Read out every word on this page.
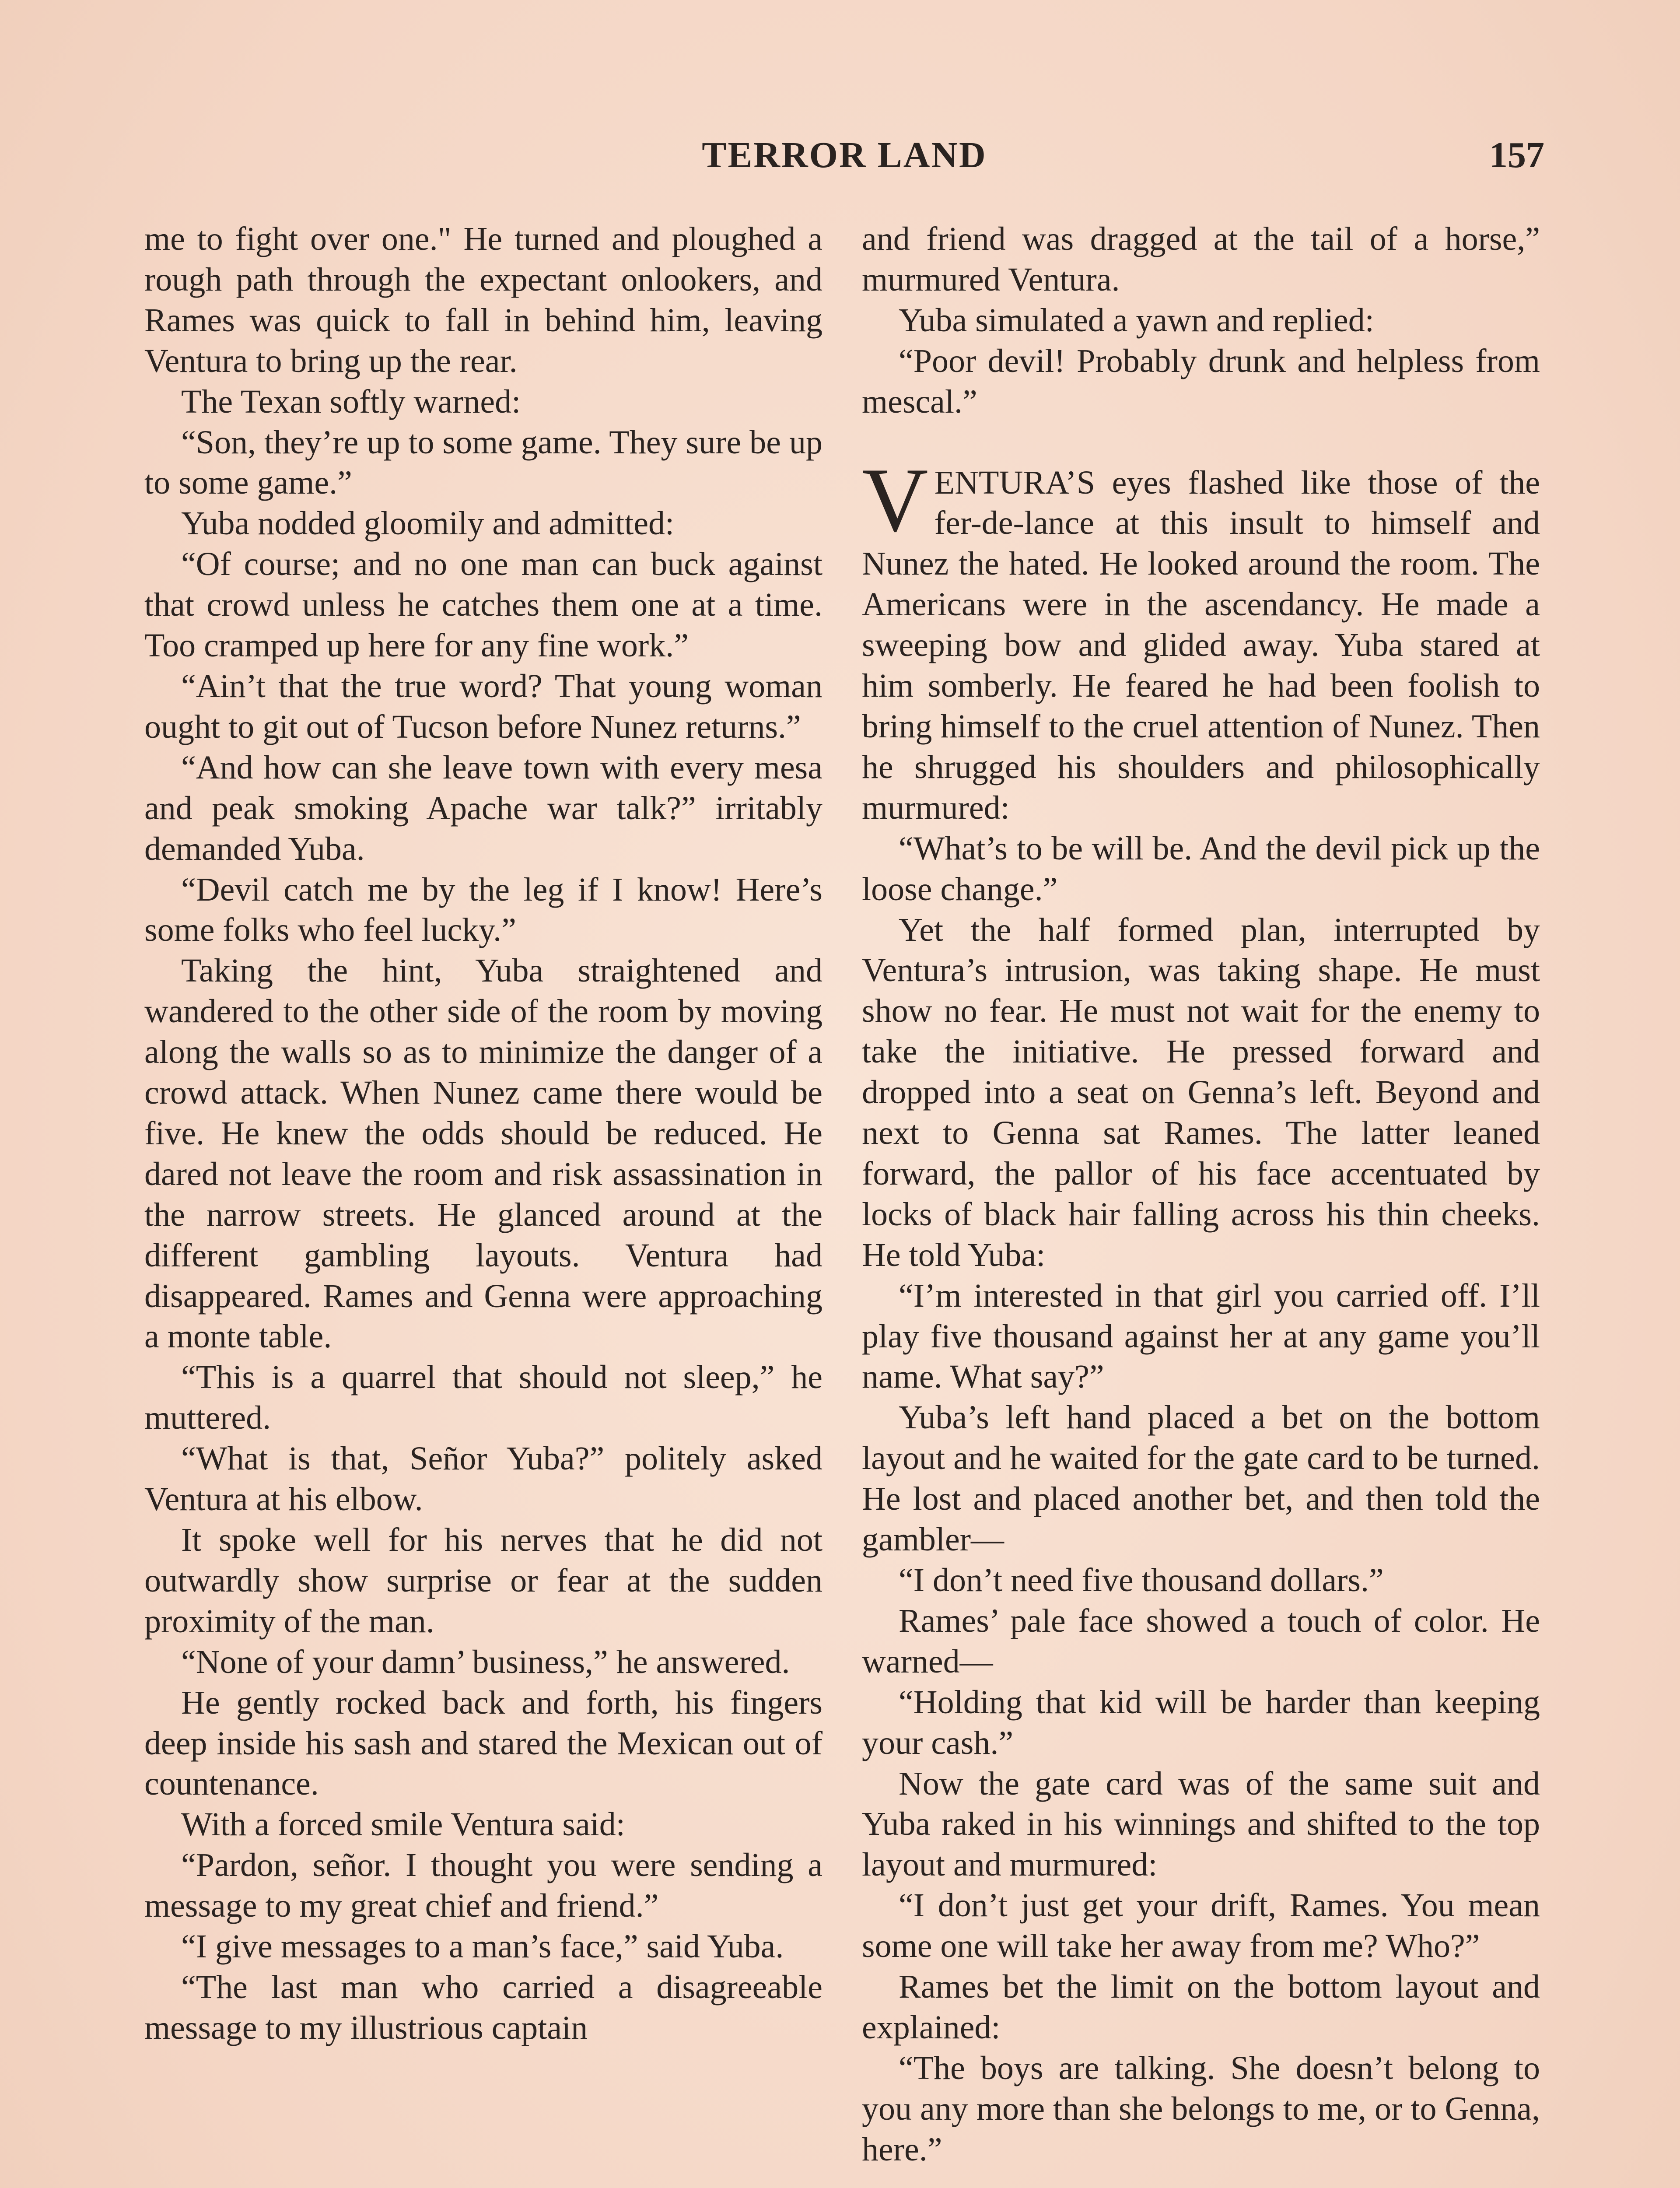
TERROR LAND	157

me to fight over one." He turned and ploughed a rough path through the expectant onlookers, and Rames was quick to fall in behind him, leaving Ventura to bring up the rear.

The Texan softly warned:

“Son, they’re up to some game. They sure be up to some game.”

Yuba nodded gloomily and admitted:

“Of course; and no one man can buck against that crowd unless he catches them one at a time. Too cramped up here for any fine work.”

“Ain’t that the true word? That young woman ought to git out of Tucson before Nunez returns.”

“And how can she leave town with every mesa and peak smoking Apache war talk?” irritably demanded Yuba.

“Devil catch me by the leg if I know! Here’s some folks who feel lucky.”

Taking the hint, Yuba straightened and wandered to the other side of the room by moving along the walls so as to minimize the danger of a crowd attack. When Nunez came there would be five. He knew the odds should be reduced. He dared not leave the room and risk assassination in the narrow streets. He glanced around at the different gambling layouts. Ventura had disappeared. Rames and Genna were approaching a monte table.

“This is a quarrel that should not sleep,” he muttered.

“What is that, Señor Yuba?” politely asked Ventura at his elbow.

It spoke well for his nerves that he did not outwardly show surprise or fear at the sudden proximity of the man.

“None of your damn’ business,” he answered.

He gently rocked back and forth, his fingers deep inside his sash and stared the Mexican out of countenance.

With a forced smile Ventura said:

“Pardon, señor. I thought you were sending a message to my great chief and friend.”

“I give messages to a man’s face,” said Yuba.

“The last man who carried a disagreeable message to my illustrious captain

and friend was dragged at the tail of a horse,” murmured Ventura.

Yuba simulated a yawn and replied:

“Poor devil! Probably drunk and helpless from mescal.”

VENTURA’S eyes flashed like those of the fer-de-lance at this insult to himself and Nunez the hated. He looked around the room. The Americans were in the ascendancy. He made a sweeping bow and glided away. Yuba stared at him somberly. He feared he had been foolish to bring himself to the cruel attention of Nunez. Then he shrugged his shoulders and philosophically murmured:

“What’s to be will be. And the devil pick up the loose change.”

Yet the half formed plan, interrupted by Ventura’s intrusion, was taking shape. He must show no fear. He must not wait for the enemy to take the initiative. He pressed forward and dropped into a seat on Genna’s left. Beyond and next to Genna sat Rames. The latter leaned forward, the pallor of his face accentuated by locks of black hair falling across his thin cheeks. He told Yuba:

“I’m interested in that girl you carried off. I’ll play five thousand against her at any game you’ll name. What say?”

Yuba’s left hand placed a bet on the bottom layout and he waited for the gate card to be turned. He lost and placed another bet, and then told the gambler—

“I don’t need five thousand dollars.”

Rames’ pale face showed a touch of color. He warned—

“Holding that kid will be harder than keeping your cash.”

Now the gate card was of the same suit and Yuba raked in his winnings and shifted to the top layout and murmured:

“I don’t just get your drift, Rames. You mean some one will take her away from me? Who?”

Rames bet the limit on the bottom layout and explained:

“The boys are talking. She doesn’t belong to you any more than she belongs to me, or to Genna, here.”
